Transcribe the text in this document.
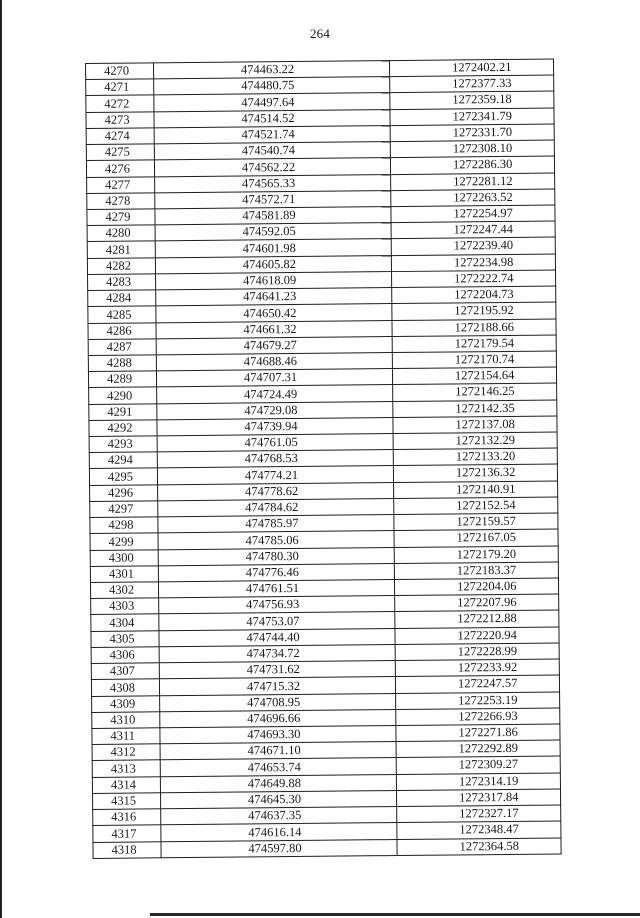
264
4270	474463.22	1272402.21
4271	474480.75	1272377.33
4272	474497.64	1272359.18
4273	474514.52	1272341.79
4274	474521.74	1272331.70
4275	474540.74	1272308.10
4276	474562.22	1272286.30
4277	474565.33	1272281.12
4278	474572.71	1272263.52
4279	474581.89	1272254.97
4280	474592.05	1272247.44
4281	474601.98	1272239.40
4282	474605.82	1272234.98
4283	474618.09	1272222.74
4284	474641.23	1272204.73
4285	474650.42	1272195.92
4286	474661.32	1272188.66
4287	474679.27	1272179.54
4288	474688.46	1272170.74
4289	474707.31	1272154.64
4290	474724.49	1272146.25
4291	474729.08	1272142.35
4292	474739.94	1272137.08
4293	474761.05	1272132.29
4294	474768.53	1272133.20
4295	474774.21	1272136.32
4296	474778.62	1272140.91
4297	474784.62	1272152.54
4298	474785.97	1272159.57
4299	474785.06	1272167.05
4300	474780.30	1272179.20
4301	474776.46	1272183.37
4302	474761.51	1272204.06
4303	474756.93	1272207.96
4304	474753.07	1272212.88
4305	474744.40	1272220.94
4306	474734.72	1272228.99
4307	474731.62	1272233.92
4308	474715.32	1272247.57
4309	474708.95	1272253.19
4310	474696.66	1272266.93
4311	474693.30	1272271.86
4312	474671.10	1272292.89
4313	474653.74	1272309.27
4314	474649.88	1272314.19
4315	474645.30	1272317.84
4316	474637.35	1272327.17
4317	474616.14	1272348.47
4318	474597.80	1272364.58
